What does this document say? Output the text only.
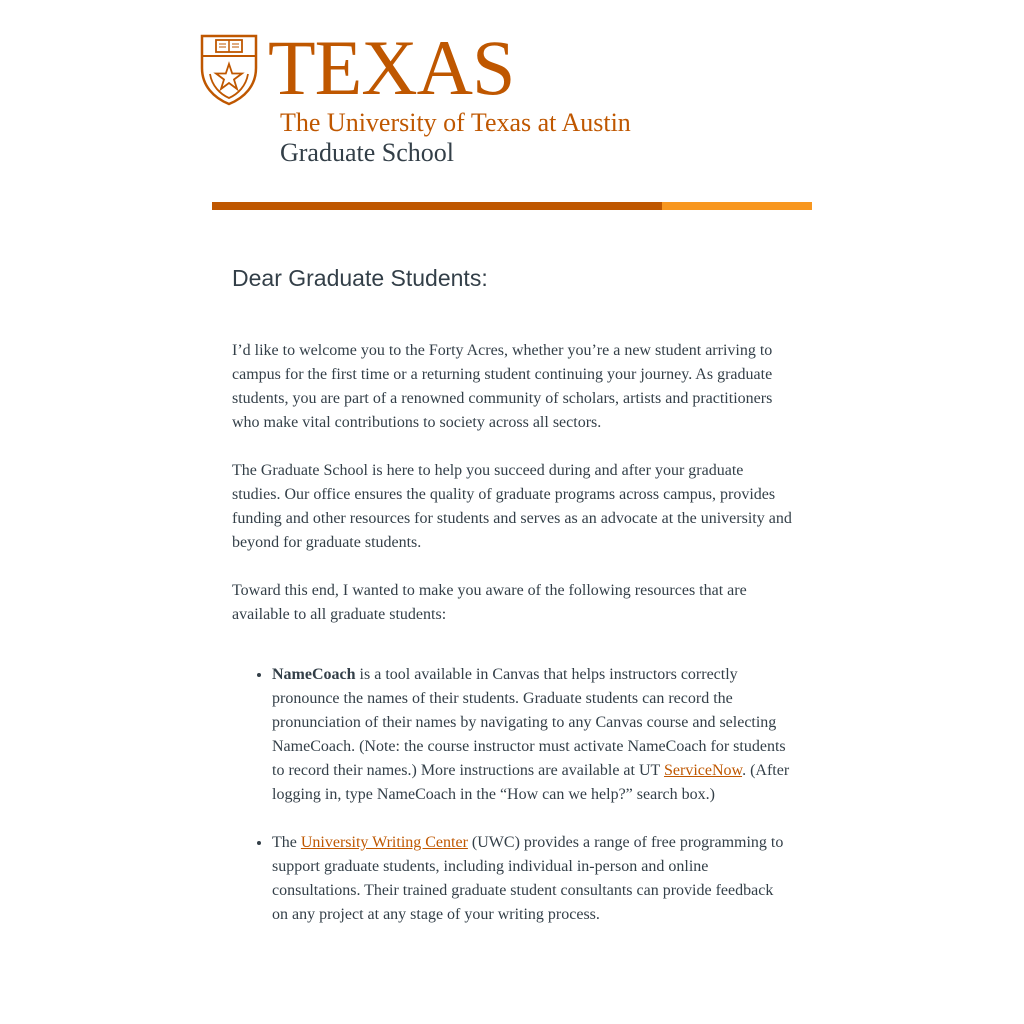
TEXAS
The University of Texas at Austin
Graduate School
Dear Graduate Students:

I’d like to welcome you to the Forty Acres, whether you’re a new student arriving to campus for the first time or a returning student continuing your journey. As graduate students, you are part of a renowned community of scholars, artists and practitioners who make vital contributions to society across all sectors.

The Graduate School is here to help you succeed during and after your graduate studies. Our office ensures the quality of graduate programs across campus, provides funding and other resources for students and serves as an advocate at the university and beyond for graduate students.

Toward this end, I wanted to make you aware of the following resources that are available to all graduate students:

• NameCoach is a tool available in Canvas that helps instructors correctly pronounce the names of their students. Graduate students can record the pronunciation of their names by navigating to any Canvas course and selecting NameCoach. (Note: the course instructor must activate NameCoach for students to record their names.) More instructions are available at UT ServiceNow. (After logging in, type NameCoach in the “How can we help?” search box.)
• The University Writing Center (UWC) provides a range of free programming to support graduate students, including individual in-person and online consultations. Their trained graduate student consultants can provide feedback on any project at any stage of your writing process.
